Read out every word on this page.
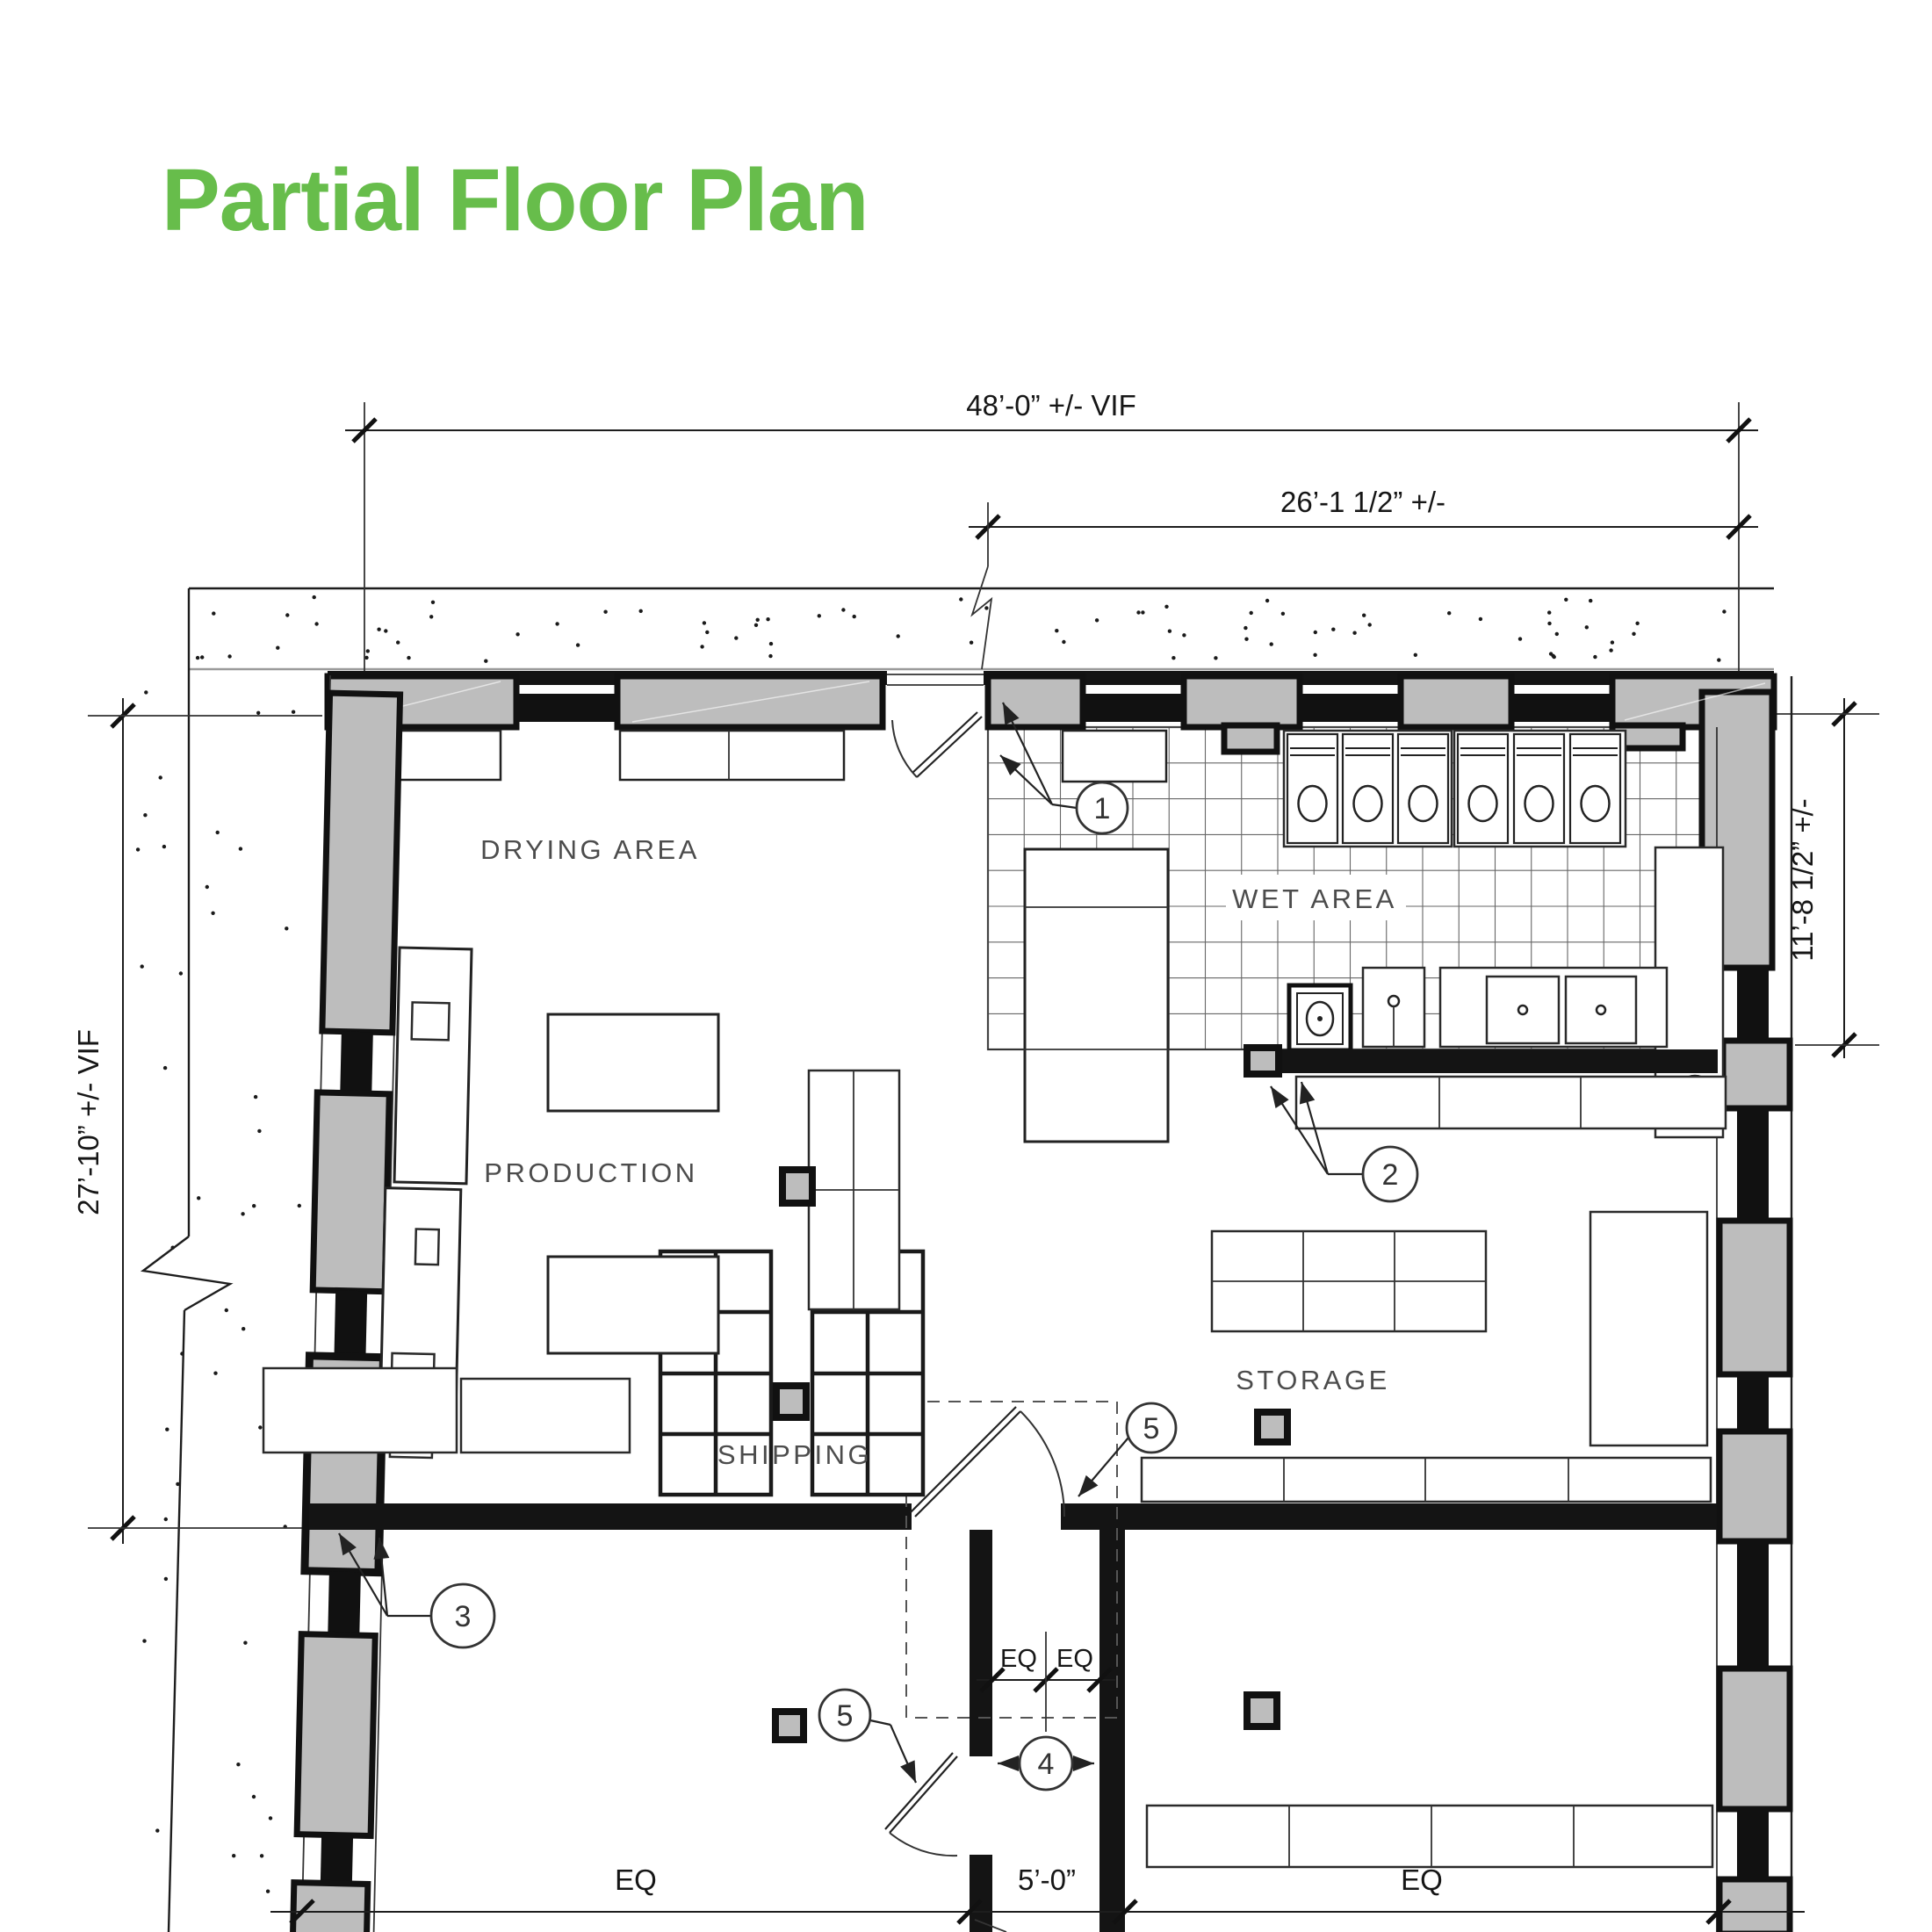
Partial Floor Plan
48’-0” +/- VIF
26’-1 1/2” +/-
27’-10” +/- VIF
11’-8 1/2” +/-
EQ EQ
EQ	5’-0”	EQ
1
2
3
4
5
5
DRYING AREA
PRODUCTION
SHIPPING
WET AREA
STORAGE
